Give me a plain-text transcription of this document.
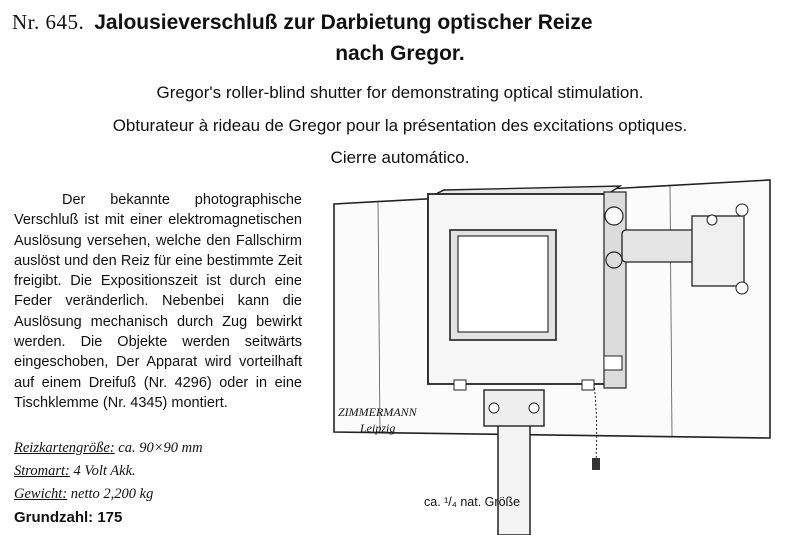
Nr. 645. Jalousieverschluß zur Darbietung optischer Reize
nach Gregor.
Gregor's roller-blind shutter for demonstrating optical stimulation.
Obturateur à rideau de Gregor pour la présentation des excitations optiques.
Cierre automático.
Der bekannte photographische Verschluß ist mit einer elektromagnetischen Auslösung versehen, welche den Fallschirm auslöst und den Reiz für eine bestimmte Zeit freigibt. Die Expositionszeit ist durch eine Feder veränderlich. Nebenbei kann die Auslösung mechanisch durch Zug bewirkt werden. Die Objekte werden seitwärts eingeschoben, Der Apparat wird vorteilhaft auf einem Dreifuß (Nr. 4296) oder in eine Tischklemme (Nr. 4345) montiert.
Reizkartengröße: ca. 90×90 mm
Stromart: 4 Volt Akk.
Gewicht: netto 2,200 kg
Grundzahl: 175
ZIMMERMANN
Leipzig
ca. ¹/₄ nat. Größe
